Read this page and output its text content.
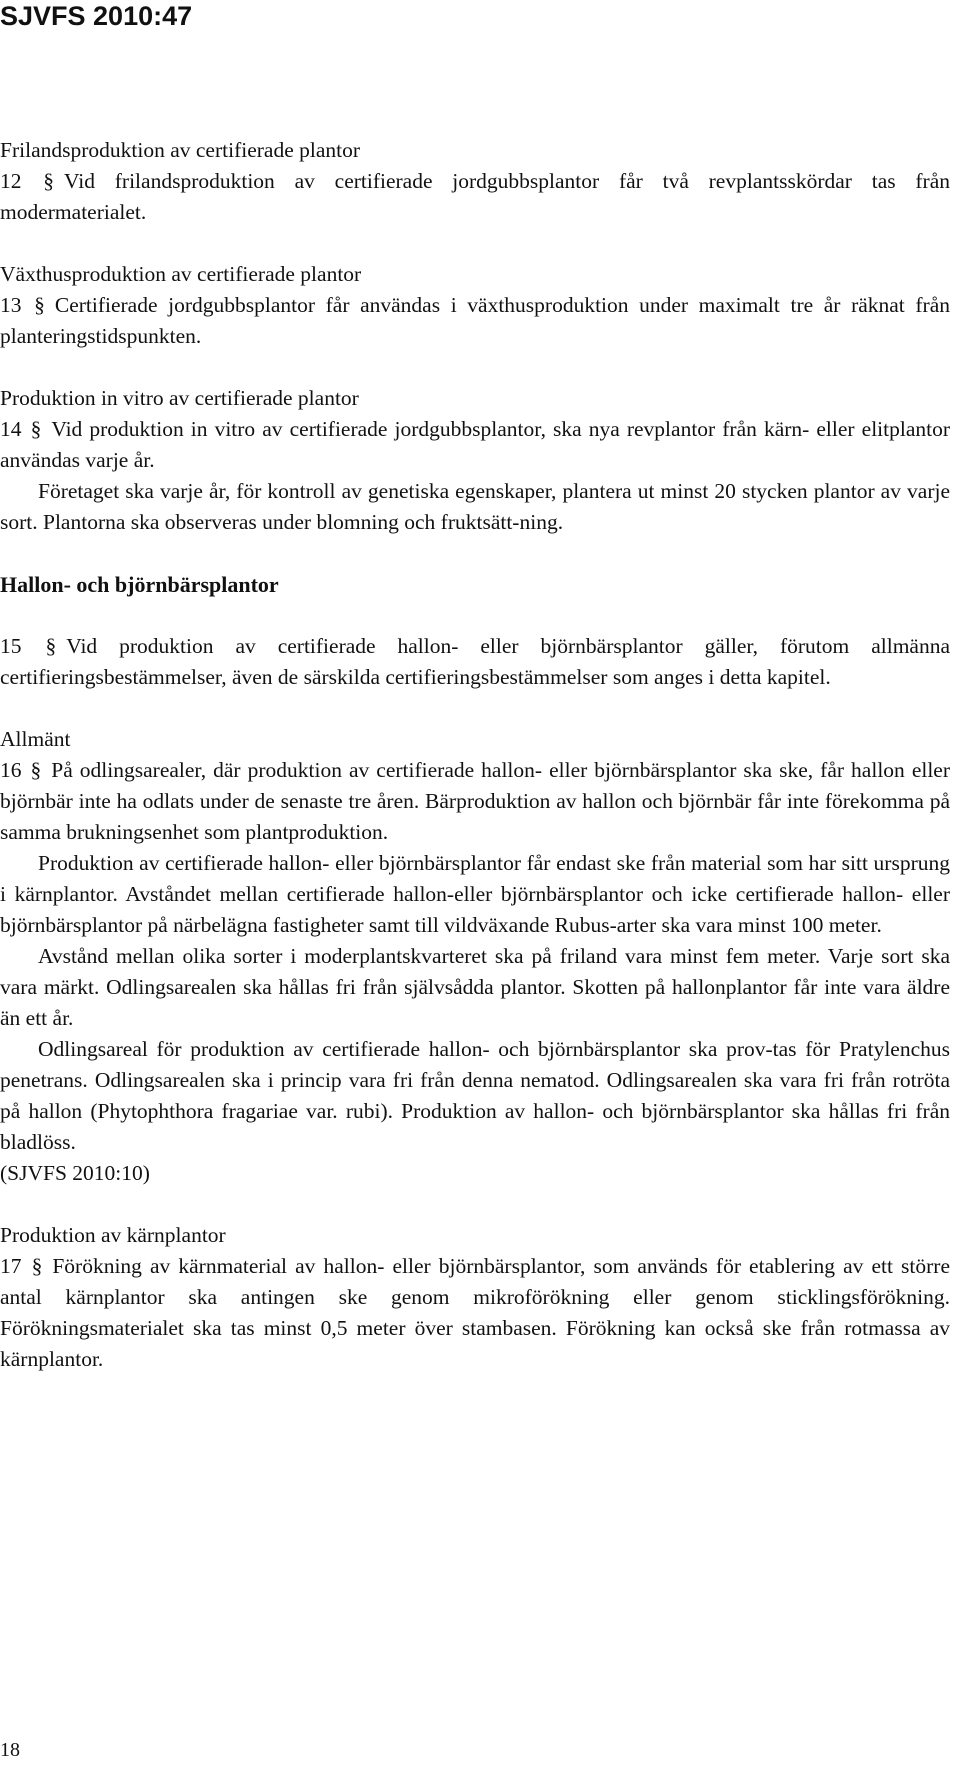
SJVFS 2010:47

Frilandsproduktion av certifierade plantor

12 § Vid frilandsproduktion av certifierade jordgubbsplantor får två revplantsskördar tas från modermaterialet.

Växthusproduktion av certifierade plantor

13 § Certifierade jordgubbsplantor får användas i växthusproduktion under maximalt tre år räknat från planteringstidspunkten.

Produktion in vitro av certifierade plantor

14 § Vid produktion in vitro av certifierade jordgubbsplantor, ska nya revplantor från kärn- eller elitplantor användas varje år.

Företaget ska varje år, för kontroll av genetiska egenskaper, plantera ut minst 20 stycken plantor av varje sort. Plantorna ska observeras under blomning och fruktsätt-ning.

Hallon- och björnbärsplantor

15 § Vid produktion av certifierade hallon- eller björnbärsplantor gäller, förutom allmänna certifieringsbestämmelser, även de särskilda certifieringsbestämmelser som anges i detta kapitel.

Allmänt

16 § På odlingsarealer, där produktion av certifierade hallon- eller björnbärsplantor ska ske, får hallon eller björnbär inte ha odlats under de senaste tre åren. Bärproduktion av hallon och björnbär får inte förekomma på samma brukningsenhet som plantproduktion.

Produktion av certifierade hallon- eller björnbärsplantor får endast ske från material som har sitt ursprung i kärnplantor. Avståndet mellan certifierade hallon-eller björnbärsplantor och icke certifierade hallon- eller björnbärsplantor på närbelägna fastigheter samt till vildväxande Rubus-arter ska vara minst 100 meter.

Avstånd mellan olika sorter i moderplantskvarteret ska på friland vara minst fem meter. Varje sort ska vara märkt. Odlingsarealen ska hållas fri från självsådda plantor. Skotten på hallonplantor får inte vara äldre än ett år.

Odlingsareal för produktion av certifierade hallon- och björnbärsplantor ska prov-tas för Pratylenchus penetrans. Odlingsarealen ska i princip vara fri från denna nematod. Odlingsarealen ska vara fri från rotröta på hallon (Phytophthora fragariae var. rubi). Produktion av hallon- och björnbärsplantor ska hållas fri från bladlöss.

(SJVFS 2010:10)

Produktion av kärnplantor

17 § Förökning av kärnmaterial av hallon- eller björnbärsplantor, som används för etablering av ett större antal kärnplantor ska antingen ske genom mikroförökning eller genom sticklingsförökning. Förökningsmaterialet ska tas minst 0,5 meter över stambasen. Förökning kan också ske från rotmassa av kärnplantor.

18
